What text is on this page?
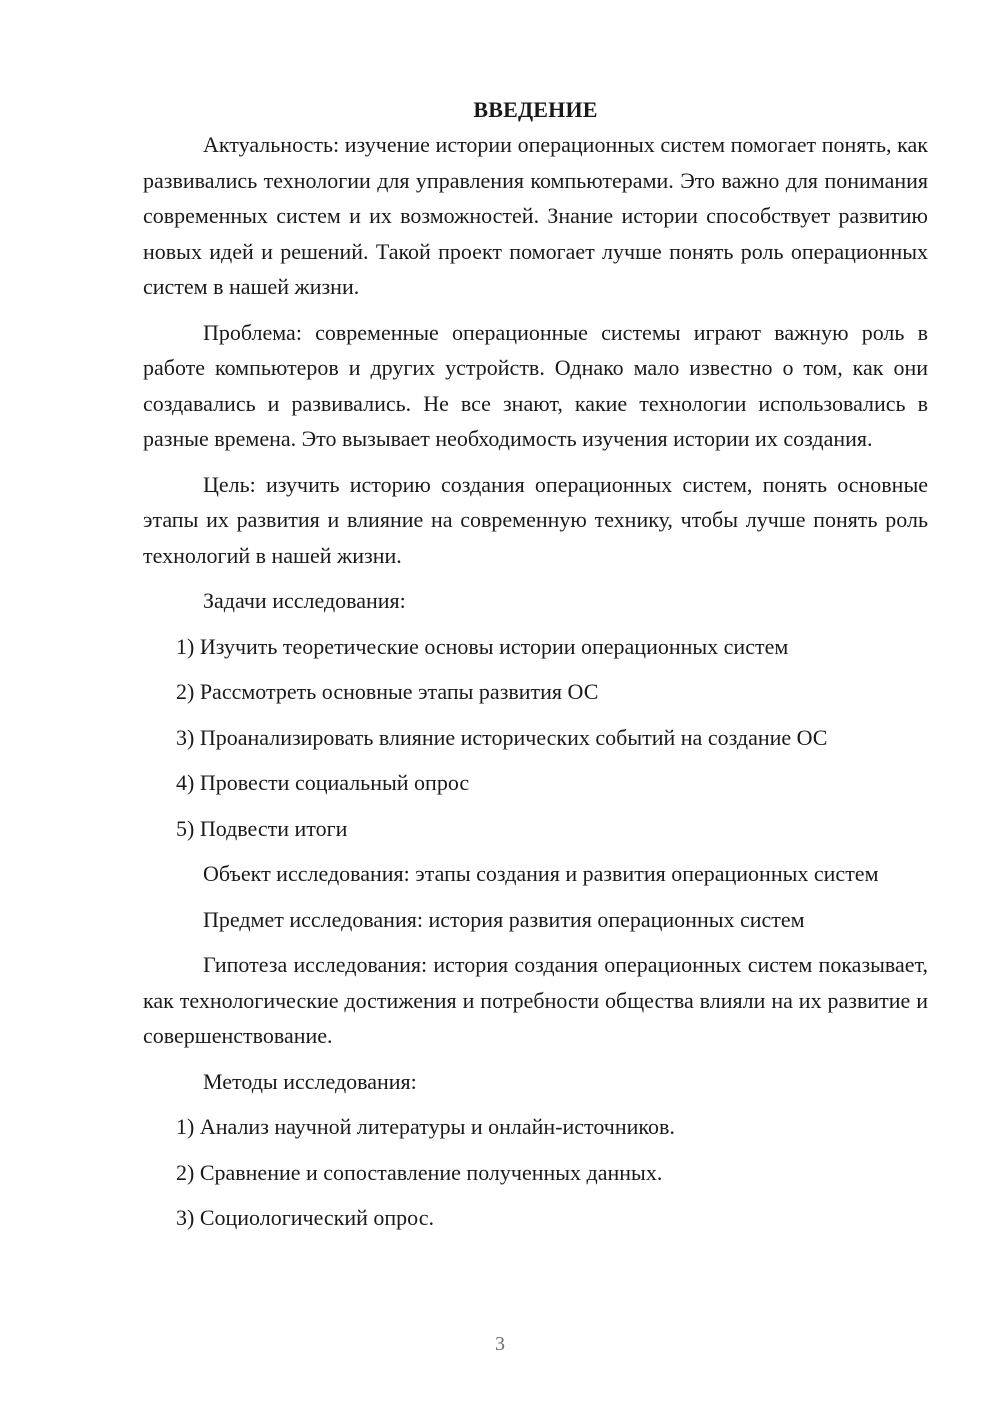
ВВЕДЕНИЕ

Актуальность: изучение истории операционных систем помогает понять, как развивались технологии для управления компьютерами. Это важно для понимания современных систем и их возможностей. Знание истории способствует развитию новых идей и решений. Такой проект помогает лучше понять роль операционных систем в нашей жизни.

Проблема: современные операционные системы играют важную роль в работе компьютеров и других устройств. Однако мало известно о том, как они создавались и развивались. Не все знают, какие технологии использовались в разные времена. Это вызывает необходимость изучения истории их создания.

Цель: изучить историю создания операционных систем, понять основные этапы их развития и влияние на современную технику, чтобы лучше понять роль технологий в нашей жизни.

Задачи исследования:

1) Изучить теоретические основы истории операционных систем

2) Рассмотреть основные этапы развития ОС

3) Проанализировать влияние исторических событий на создание ОС

4) Провести социальный опрос

5) Подвести итоги

Объект исследования: этапы создания и развития операционных систем

Предмет исследования: история развития операционных систем

Гипотеза исследования: история создания операционных систем показывает, как технологические достижения и потребности общества влияли на их развитие и совершенствование.

Методы исследования:

1) Анализ научной литературы и онлайн-источников.

2) Сравнение и сопоставление полученных данных.

3) Социологический опрос.

3
